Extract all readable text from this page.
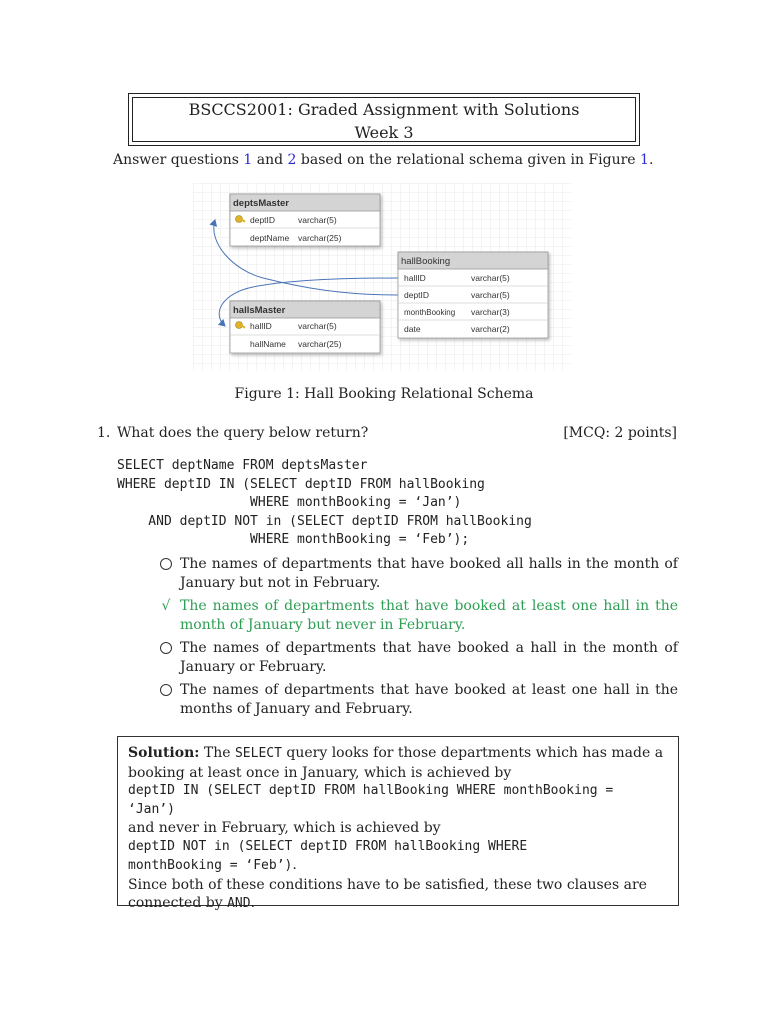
BSCCS2001: Graded Assignment with Solutions
Week 3
Answer questions 1 and 2 based on the relational schema given in Figure 1.
deptsMaster
deptID	varchar(5)
deptName varchar(25)
hallBooking
hallID	varchar(5)
deptID	varchar(5)
monthBooking varchar(3)
date	varchar(2)
hallsMaster
hallID	varchar(5)
hallName varchar(25)
Figure 1: Hall Booking Relational Schema
1. What does the query below return?	[MCQ: 2 points]
SELECT deptName FROM deptsMaster
WHERE deptID IN (SELECT deptID FROM hallBooking
WHERE monthBooking = ‘Jan’)
AND deptID NOT in (SELECT deptID FROM hallBooking
WHERE monthBooking = ‘Feb’);
The names of departments that have booked all halls in the month of January but not in February.
√ The names of departments that have booked at least one hall in the month of January but never in February.
The names of departments that have booked a hall in the month of January or February.
The names of departments that have booked at least one hall in the months of January and February.
Solution: The SELECT query looks for those departments which has made a booking at least once in January, which is achieved by
deptID IN (SELECT deptID FROM hallBooking WHERE monthBooking = ‘Jan’)
and never in February, which is achieved by
deptID NOT in (SELECT deptID FROM hallBooking WHERE
monthBooking = ‘Feb’).
Since both of these conditions have to be satisfied, these two clauses are connected by AND.
